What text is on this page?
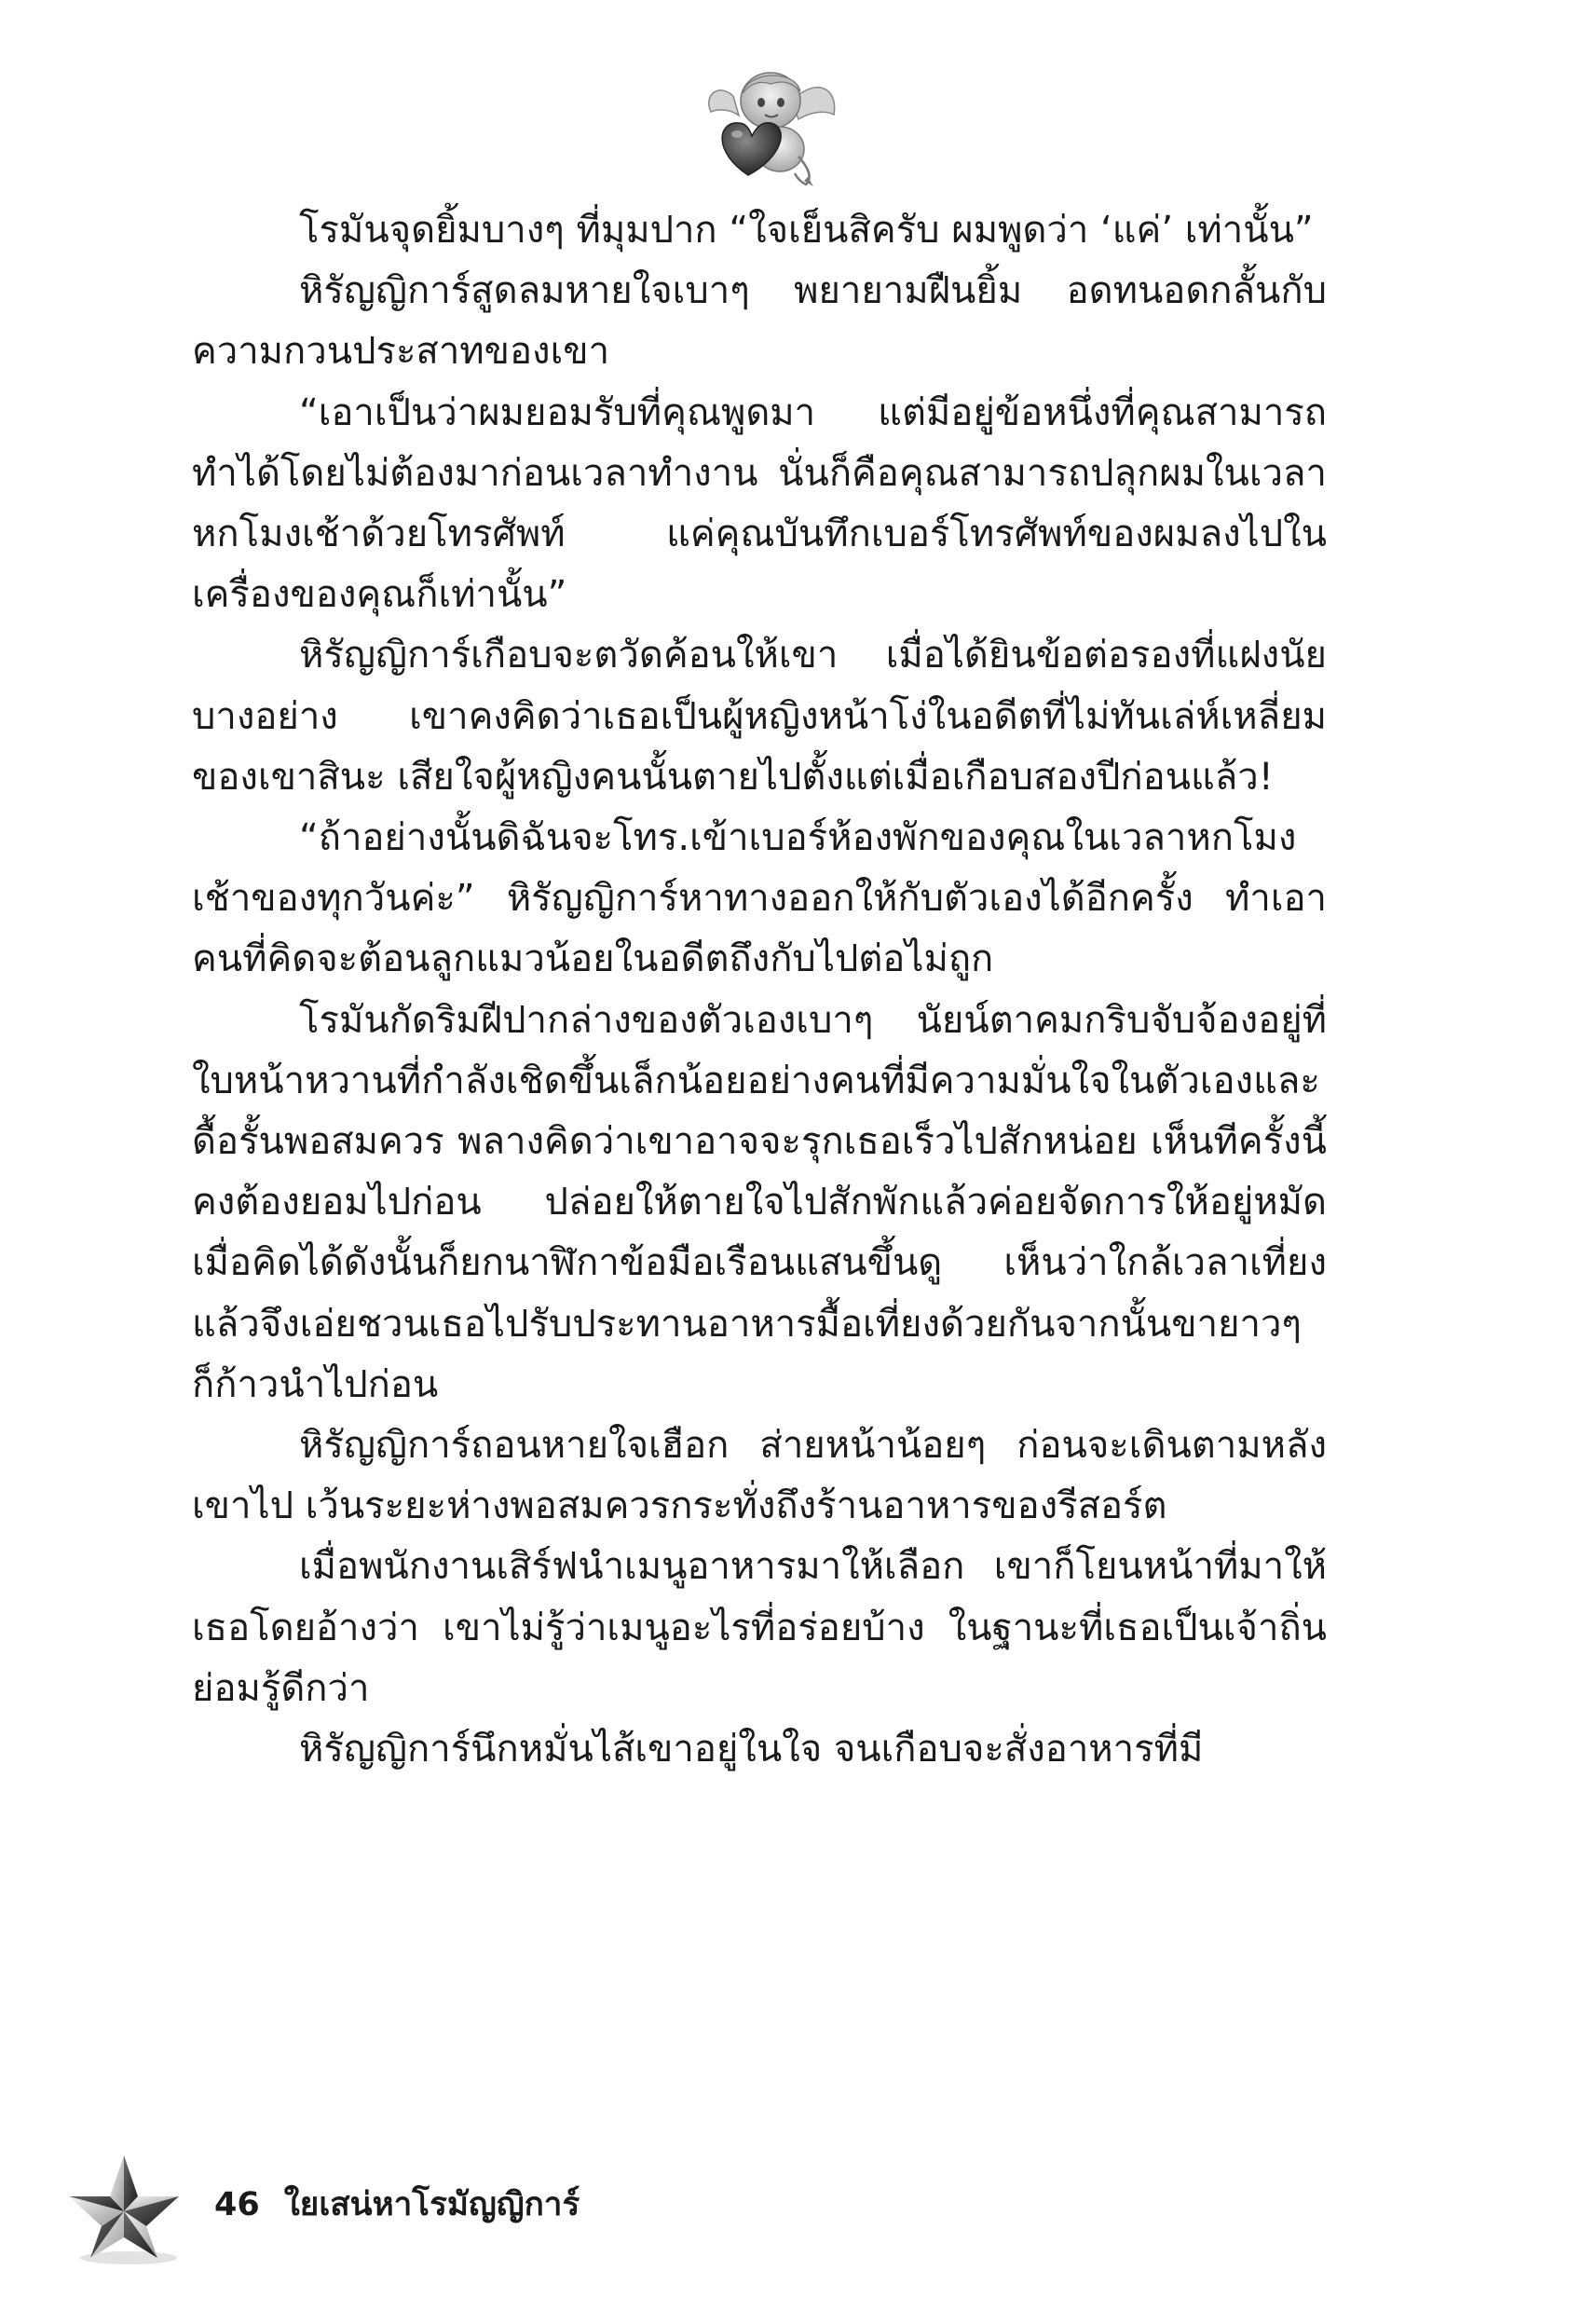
โรมันจุดยิ้มบางๆ ที่มุมปาก “ใจเย็นสิครับ ผมพูดว่า ‘แค่’ เท่านั้น”

หิรัญญิการ์สูดลมหายใจเบาๆ พยายามฝืนยิ้ม อดทนอดกลั้นกับความกวนประสาทของเขา

“เอาเป็นว่าผมยอมรับที่คุณพูดมา แต่มีอยู่ข้อหนึ่งที่คุณสามารถทำได้โดยไม่ต้องมาก่อนเวลาทำงาน นั่นก็คือคุณสามารถปลุกผมในเวลาหกโมงเช้าด้วยโทรศัพท์ แค่คุณบันทึกเบอร์โทรศัพท์ของผมลงไปในเครื่องของคุณก็เท่านั้น”

หิรัญญิการ์เกือบจะตวัดค้อนให้เขา เมื่อได้ยินข้อต่อรองที่แฝงนัยบางอย่าง เขาคงคิดว่าเธอเป็นผู้หญิงหน้าโง่ในอดีตที่ไม่ทันเล่ห์เหลี่ยมของเขาสินะ เสียใจผู้หญิงคนนั้นตายไปตั้งแต่เมื่อเกือบสองปีก่อนแล้ว!

“ถ้าอย่างนั้นดิฉันจะโทร.เข้าเบอร์ห้องพักของคุณในเวลาหกโมงเช้าของทุกวันค่ะ” หิรัญญิการ์หาทางออกให้กับตัวเองได้อีกครั้ง ทำเอาคนที่คิดจะต้อนลูกแมวน้อยในอดีตถึงกับไปต่อไม่ถูก

โรมันกัดริมฝีปากล่างของตัวเองเบาๆ นัยน์ตาคมกริบจับจ้องอยู่ที่ใบหน้าหวานที่กำลังเชิดขึ้นเล็กน้อยอย่างคนที่มีความมั่นใจในตัวเองและดื้อรั้นพอสมควร พลางคิดว่าเขาอาจจะรุกเธอเร็วไปสักหน่อย เห็นทีครั้งนี้คงต้องยอมไปก่อน ปล่อยให้ตายใจไปสักพักแล้วค่อยจัดการให้อยู่หมัด เมื่อคิดได้ดังนั้นก็ยกนาฬิกาข้อมือเรือนแสนขึ้นดู เห็นว่าใกล้เวลาเที่ยงแล้วจึงเอ่ยชวนเธอไปรับประทานอาหารมื้อเที่ยงด้วยกันจากนั้นขายาวๆ ก็ก้าวนำไปก่อน

หิรัญญิการ์ถอนหายใจเฮือก ส่ายหน้าน้อยๆ ก่อนจะเดินตามหลังเขาไป เว้นระยะห่างพอสมควรกระทั่งถึงร้านอาหารของรีสอร์ต

เมื่อพนักงานเสิร์ฟนำเมนูอาหารมาให้เลือก เขาก็โยนหน้าที่มาให้เธอโดยอ้างว่า เขาไม่รู้ว่าเมนูอะไรที่อร่อยบ้าง ในฐานะที่เธอเป็นเจ้าถิ่นย่อมรู้ดีกว่า

หิรัญญิการ์นึกหมั่นไส้เขาอยู่ในใจ จนเกือบจะสั่งอาหารที่มี

46 ใยเสน่หาโรมัญญิการ์
